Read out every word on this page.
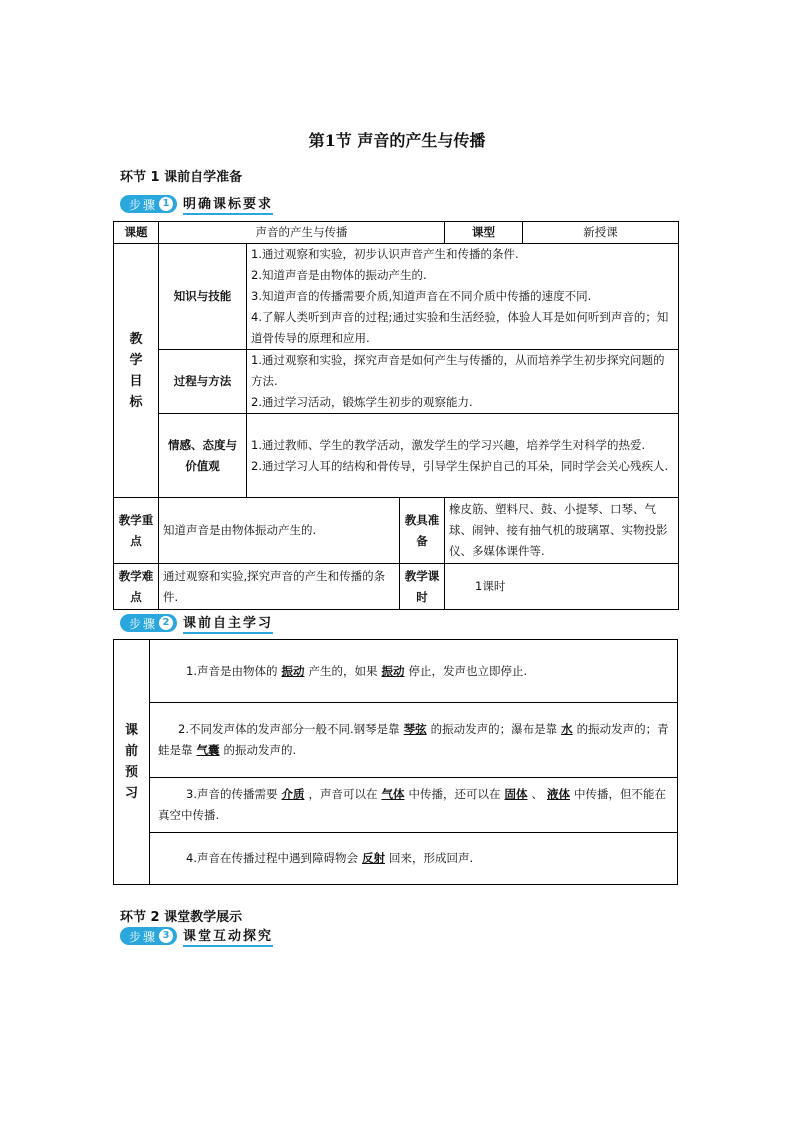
第1节 声音的产生与传播
环节 1 课前自学准备
步骤 1 明确课标要求
课题	声音的产生与传播			课型	新授课
教学目标	知识与技能	1.通过观察和实验，初步认识声音产生和传播的条件.
2.知道声音是由物体的振动产生的.
3.知道声音的传播需要介质,知道声音在不同介质中传播的速度不同.
4.了解人类听到声音的过程;通过实验和生活经验，体验人耳是如何听到声音的；知道骨传导的原理和应用.			

	过程与方法	1.通过观察和实验，探究声音是如何产生与传播的，从而培养学生初步探究问题的方法.
2.通过学习活动，锻炼学生初步的观察能力.			

	情感、态度与价值观	1.通过教师、学生的教学活动，激发学生的学习兴趣，培养学生对科学的热爱.
2.通过学习人耳的结构和骨传导，引导学生保护自己的耳朵，同时学会关心残疾人.			

教学重点	知道声音是由物体振动产生的.		教具准备	橡皮筋、塑料尺、鼓、小提琴、口琴、气球、闹钟、接有抽气机的玻璃罩、实物投影仪、多媒体课件等.	
教学难点	通过观察和实验,探究声音的产生和传播的条件.		教学课时	1课时	
步骤 2 课前自主学习
课前预习	1.声音是由物体的 振动 产生的，如果 振动 停止，发声也立即停止.
2.不同发声体的发声部分一般不同.钢琴是靠 琴弦 的振动发声的；瀑布是靠 水 的振动发声的；青蛙是靠 气囊 的振动发声的.
3.声音的传播需要 介质 ，声音可以在 气体 中传播，还可以在 固体 、 液体 中传播，但不能在真空中传播.
4.声音在传播过程中遇到障碍物会 反射 回来，形成回声.
环节 2 课堂教学展示
步骤 3 课堂互动探究
